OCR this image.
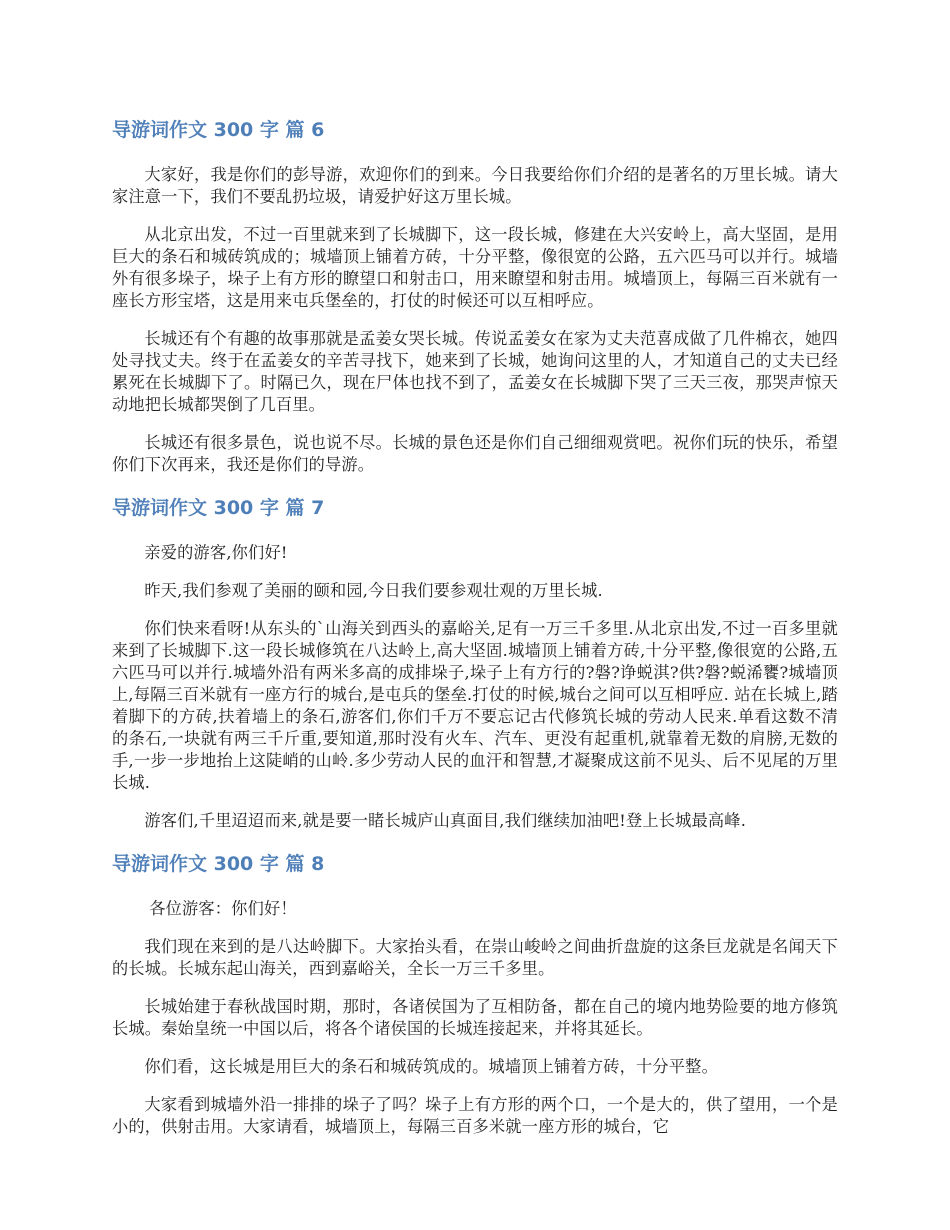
导游词作文 300 字 篇 6

大家好，我是你们的彭导游，欢迎你们的到来。今日我要给你们介绍的是著名的万里长城。请大家注意一下，我们不要乱扔垃圾，请爱护好这万里长城。

从北京出发，不过一百里就来到了长城脚下，这一段长城，修建在大兴安岭上，高大坚固，是用巨大的条石和城砖筑成的；城墙顶上铺着方砖，十分平整，像很宽的公路，五六匹马可以并行。城墙外有很多垛子，垛子上有方形的瞭望口和射击口，用来瞭望和射击用。城墙顶上，每隔三百米就有一座长方形宝塔，这是用来屯兵堡垒的，打仗的时候还可以互相呼应。

长城还有个有趣的故事那就是孟姜女哭长城。传说孟姜女在家为丈夫范喜成做了几件棉衣，她四处寻找丈夫。终于在孟姜女的辛苦寻找下，她来到了长城，她询问这里的人，才知道自己的丈夫已经累死在长城脚下了。时隔已久，现在尸体也找不到了，孟姜女在长城脚下哭了三天三夜，那哭声惊天动地把长城都哭倒了几百里。

长城还有很多景色，说也说不尽。长城的景色还是你们自己细细观赏吧。祝你们玩的快乐，希望你们下次再来，我还是你们的导游。

导游词作文 300 字 篇 7

亲爱的游客,你们好!

昨天,我们参观了美丽的颐和园,今日我们要参观壮观的万里长城.

你们快来看呀!从东头的`山海关到西头的嘉峪关,足有一万三千多里.从北京出发,不过一百多里就来到了长城脚下.这一段长城修筑在八达岭上,高大坚固.城墙顶上铺着方砖,十分平整,像很宽的公路,五六匹马可以并行.城墙外沿有两米多高的成排垛子,垛子上有方行的?磐?诤蜕淇?供?磐?蜕浠饔?城墙顶上,每隔三百米就有一座方行的城台,是屯兵的堡垒.打仗的时候,城台之间可以互相呼应. 站在长城上,踏着脚下的方砖,扶着墙上的条石,游客们,你们千万不要忘记古代修筑长城的劳动人民来.单看这数不清的条石,一块就有两三千斤重,要知道,那时没有火车、汽车、更没有起重机,就靠着无数的肩膀,无数的手,一步一步地抬上这陡峭的山岭.多少劳动人民的血汗和智慧,才凝聚成这前不见头、后不见尾的万里长城.

游客们,千里迢迢而来,就是要一睹长城庐山真面目,我们继续加油吧!登上长城最高峰.

导游词作文 300 字 篇 8

各位游客：你们好！

我们现在来到的是八达岭脚下。大家抬头看，在崇山峻岭之间曲折盘旋的这条巨龙就是名闻天下的长城。长城东起山海关，西到嘉峪关，全长一万三千多里。

长城始建于春秋战国时期，那时，各诸侯国为了互相防备，都在自己的境内地势险要的地方修筑长城。秦始皇统一中国以后，将各个诸侯国的长城连接起来，并将其延长。

你们看，这长城是用巨大的条石和城砖筑成的。城墙顶上铺着方砖，十分平整。

大家看到城墙外沿一排排的垛子了吗？垛子上有方形的两个口，一个是大的，供了望用，一个是小的，供射击用。大家请看，城墙顶上，每隔三百多米就一座方形的城台，它
